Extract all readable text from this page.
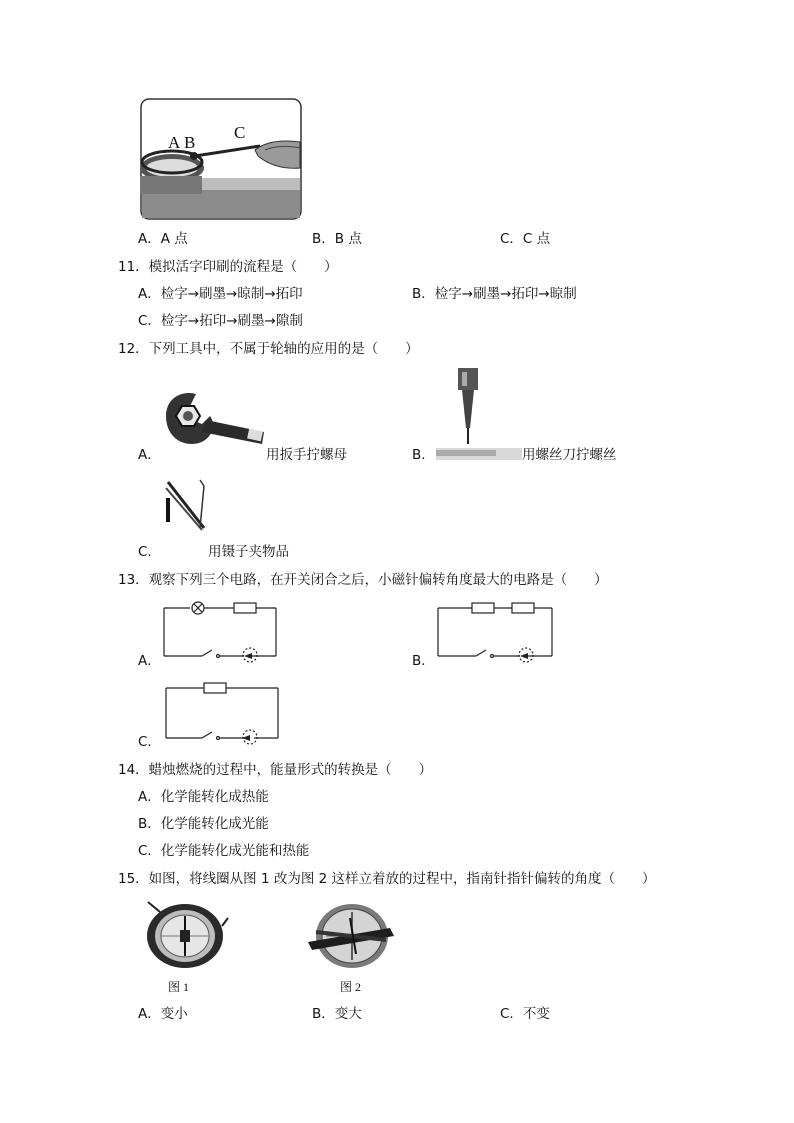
A B
C
A．A 点	B．B 点	C．C 点
11．模拟活字印刷的流程是（　　）
A．检字→刷墨→晾制→拓印	B．检字→刷墨→拓印→晾制
C．检字→拓印→刷墨→隙制
12．下列工具中，不属于轮轴的应用的是（　　）
A．	用扳手拧螺母	B．	用螺丝刀拧螺丝
C．	用镊子夹物品
13．观察下列三个电路，在开关闭合之后，小磁针偏转角度最大的电路是（　　）
A．	B．
C．
14．蜡烛燃烧的过程中，能量形式的转换是（　　）
A．化学能转化成热能
B．化学能转化成光能
C．化学能转化成光能和热能
15．如图，将线圈从图 1 改为图 2 这样立着放的过程中，指南针指针偏转的角度（　　）
图 1	图 2
A．变小	B．变大	C．不变
